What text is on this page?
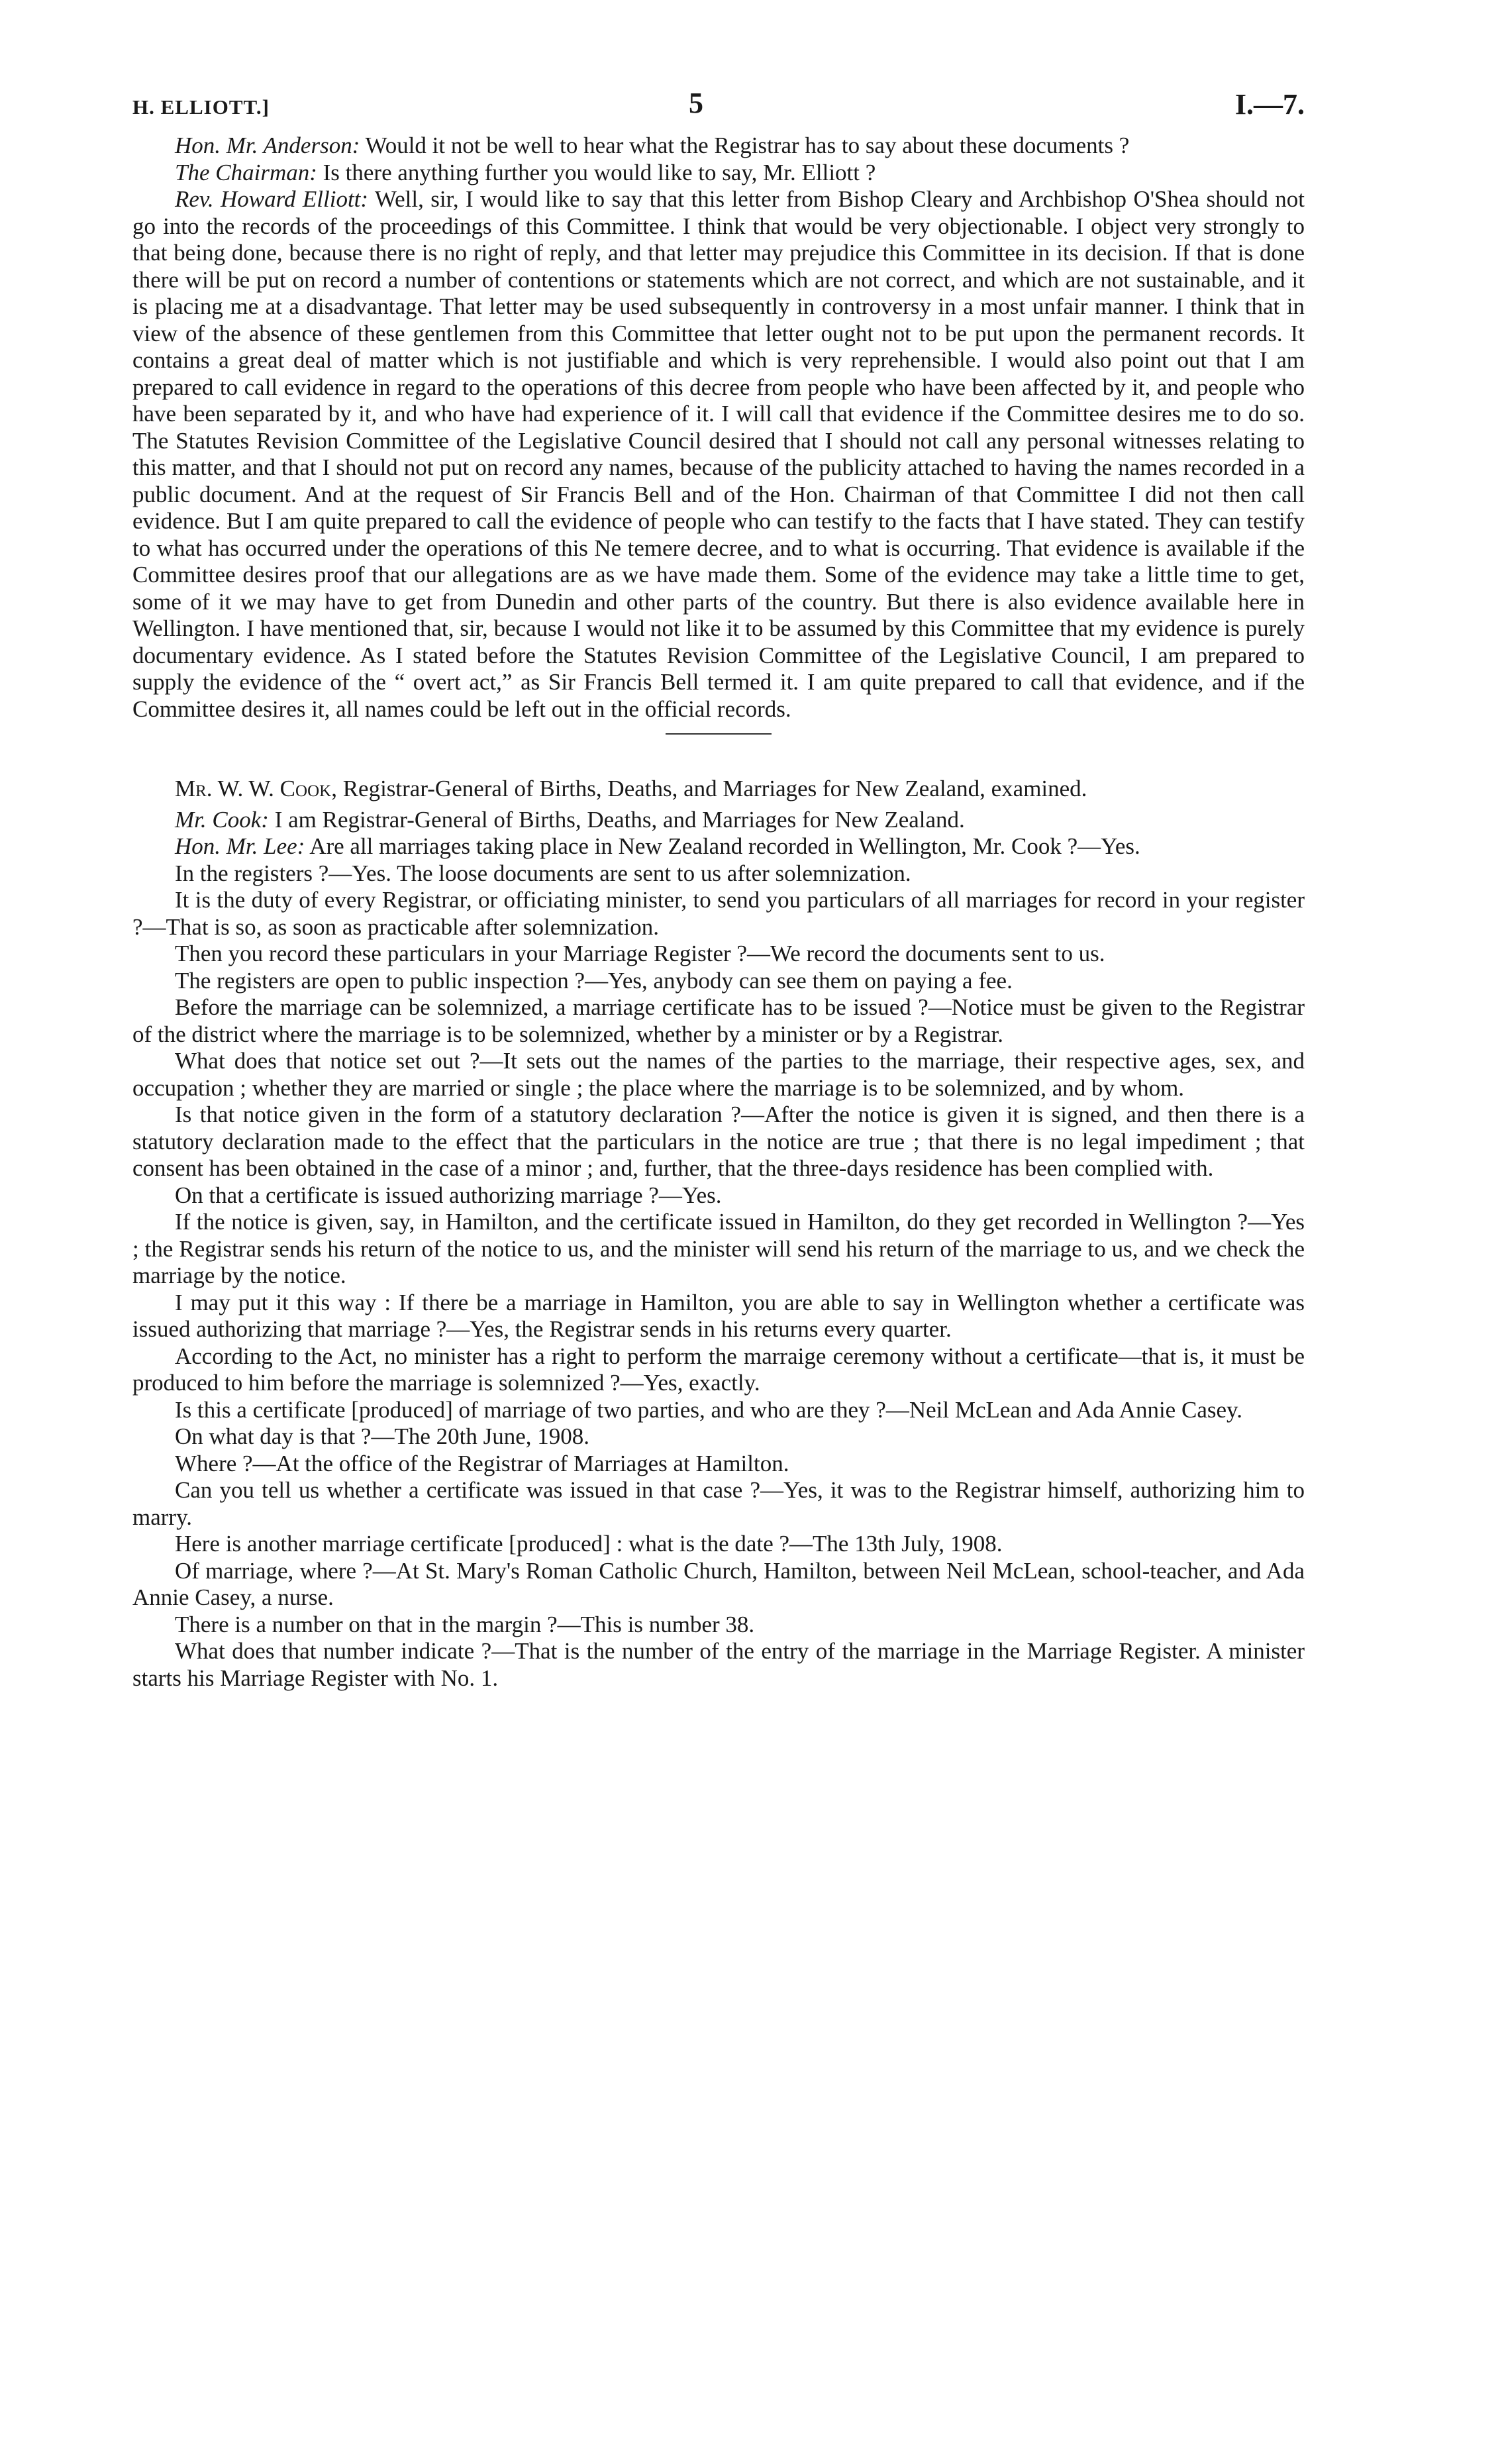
H. ELLIOTT.]	5	I.—7.

Hon. Mr. Anderson: Would it not be well to hear what the Registrar has to say about these documents ?

The Chairman: Is there anything further you would like to say, Mr. Elliott ?

Rev. Howard Elliott: Well, sir, I would like to say that this letter from Bishop Cleary and Archbishop O'Shea should not go into the records of the proceedings of this Committee. I think that would be very objectionable. I object very strongly to that being done, because there is no right of reply, and that letter may prejudice this Committee in its decision. If that is done there will be put on record a number of contentions or statements which are not correct, and which are not sustainable, and it is placing me at a disadvantage. That letter may be used subsequently in controversy in a most unfair manner. I think that in view of the absence of these gentlemen from this Committee that letter ought not to be put upon the permanent records. It contains a great deal of matter which is not justifiable and which is very reprehensible. I would also point out that I am prepared to call evidence in regard to the operations of this decree from people who have been affected by it, and people who have been separated by it, and who have had experience of it. I will call that evidence if the Committee desires me to do so. The Statutes Revision Committee of the Legislative Council desired that I should not call any personal witnesses relating to this matter, and that I should not put on record any names, because of the publicity attached to having the names recorded in a public document. And at the request of Sir Francis Bell and of the Hon. Chairman of that Committee I did not then call evidence. But I am quite prepared to call the evidence of people who can testify to the facts that I have stated. They can testify to what has occurred under the operations of this Ne temere decree, and to what is occurring. That evidence is available if the Committee desires proof that our allegations are as we have made them. Some of the evidence may take a little time to get, some of it we may have to get from Dunedin and other parts of the country. But there is also evidence available here in Wellington. I have mentioned that, sir, because I would not like it to be assumed by this Committee that my evidence is purely documentary evidence. As I stated before the Statutes Revision Committee of the Legislative Council, I am prepared to supply the evidence of the “ overt act,” as Sir Francis Bell termed it. I am quite prepared to call that evidence, and if the Committee desires it, all names could be left out in the official records.

Mr. W. W. Cook, Registrar-General of Births, Deaths, and Marriages for New Zealand, examined.

Mr. Cook: I am Registrar-General of Births, Deaths, and Marriages for New Zealand.

Hon. Mr. Lee: Are all marriages taking place in New Zealand recorded in Wellington, Mr. Cook ?—Yes.

In the registers ?—Yes. The loose documents are sent to us after solemnization.

It is the duty of every Registrar, or officiating minister, to send you particulars of all marriages for record in your register ?—That is so, as soon as practicable after solemnization.

Then you record these particulars in your Marriage Register ?—We record the documents sent to us.

The registers are open to public inspection ?—Yes, anybody can see them on paying a fee.

Before the marriage can be solemnized, a marriage certificate has to be issued ?—Notice must be given to the Registrar of the district where the marriage is to be solemnized, whether by a minister or by a Registrar.

What does that notice set out ?—It sets out the names of the parties to the marriage, their respective ages, sex, and occupation ; whether they are married or single ; the place where the marriage is to be solemnized, and by whom.

Is that notice given in the form of a statutory declaration ?—After the notice is given it is signed, and then there is a statutory declaration made to the effect that the particulars in the notice are true ; that there is no legal impediment ; that consent has been obtained in the case of a minor ; and, further, that the three-days residence has been complied with.

On that a certificate is issued authorizing marriage ?—Yes.

If the notice is given, say, in Hamilton, and the certificate issued in Hamilton, do they get recorded in Wellington ?—Yes ; the Registrar sends his return of the notice to us, and the minister will send his return of the marriage to us, and we check the marriage by the notice.

I may put it this way : If there be a marriage in Hamilton, you are able to say in Wellington whether a certificate was issued authorizing that marriage ?—Yes, the Registrar sends in his returns every quarter.

According to the Act, no minister has a right to perform the marraige ceremony without a certificate—that is, it must be produced to him before the marriage is solemnized ?—Yes, exactly.

Is this a certificate [produced] of marriage of two parties, and who are they ?—Neil McLean and Ada Annie Casey.

On what day is that ?—The 20th June, 1908.

Where ?—At the office of the Registrar of Marriages at Hamilton.

Can you tell us whether a certificate was issued in that case ?—Yes, it was to the Registrar himself, authorizing him to marry.

Here is another marriage certificate [produced] : what is the date ?—The 13th July, 1908.

Of marriage, where ?—At St. Mary's Roman Catholic Church, Hamilton, between Neil McLean, school-teacher, and Ada Annie Casey, a nurse.

There is a number on that in the margin ?—This is number 38.

What does that number indicate ?—That is the number of the entry of the marriage in the Marriage Register. A minister starts his Marriage Register with No. 1.
